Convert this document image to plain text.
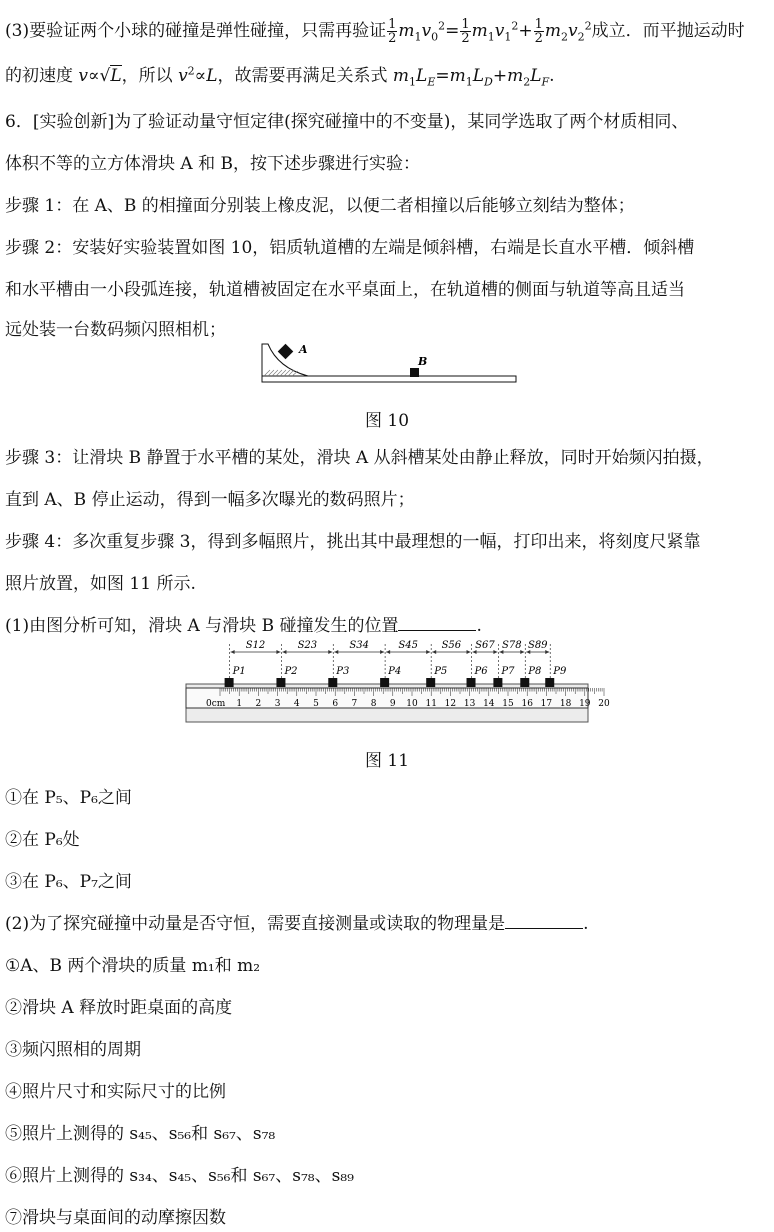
(3)要验证两个小球的碰撞是弹性碰撞，只需再验证 $\frac{1}{2} m_1v_0^2= \frac{1}{2} m_1v_1^2+ \frac{1}{2} m_2v_2^2$成立．而平抛运动时
的初速度 v∝√L，所以 $v^2\propto L$，故需要再满足关系式 $m_1L_E=m_1L_D+m_2L_F$.
6．[实验创新]为了验证动量守恒定律(探究碰撞中的不变量)，某同学选取了两个材质相同、
体积不等的立方体滑块 A 和 B，按下述步骤进行实验：
步骤 1：在 A、B 的相撞面分别装上橡皮泥，以便二者相撞以后能够立刻结为整体；
步骤 2：安装好实验装置如图 10，铝质轨道槽的左端是倾斜槽，右端是长直水平槽．倾斜槽
和水平槽由一小段弧连接，轨道槽被固定在水平桌面上，在轨道槽的侧面与轨道等高且适当
远处装一台数码频闪照相机；
A
B
图 10
步骤 3：让滑块 B 静置于水平槽的某处，滑块 A 从斜槽某处由静止释放，同时开始频闪拍摄，
直到 A、B 停止运动，得到一幅多次曝光的数码照片；
步骤 4：多次重复步骤 3，得到多幅照片，挑出其中最理想的一幅，打印出来，将刻度尺紧靠
照片放置，如图 11 所示.
(1)由图分析可知，滑块 A 与滑块 B 碰撞发生的位置	.
0cm 1 2 3 4 5 6 7 8 9 10 11 12 13 14 15 16 17 18 19 20
P1	P2	P3	P4	P5	P6 P7 P8 P9
S12	S23	S34	S45 S56 S67 S78 S89
图 11
①在 P₅、P₆之间
②在 P₆处
③在 P₆、P₇之间
(2)为了探究碰撞中动量是否守恒，需要直接测量或读取的物理量是	.
①A、B 两个滑块的质量 m₁和 m₂
②滑块 A 释放时距桌面的高度
③频闪照相的周期
④照片尺寸和实际尺寸的比例
⑤照片上测得的 s₄₅、s₅₆和 s₆₇、s₇₈
⑥照片上测得的 s₃₄、s₄₅、s₅₆和 s₆₇、s₇₈、s₈₉
⑦滑块与桌面间的动摩擦因数
